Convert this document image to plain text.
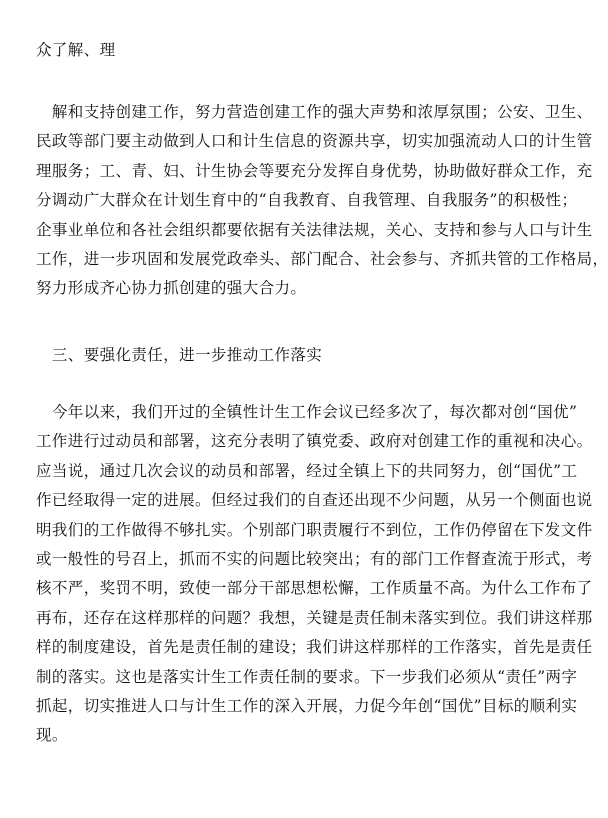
众了解、理
　解和支持创建工作，努力营造创建工作的强大声势和浓厚氛围；公安、卫生、
民政等部门要主动做到人口和计生信息的资源共享，切实加强流动人口的计生管
理服务；工、青、妇、计生协会等要充分发挥自身优势，协助做好群众工作，充
分调动广大群众在计划生育中的“自我教育、自我管理、自我服务”的积极性；
企事业单位和各社会组织都要依据有关法律法规，关心、支持和参与人口与计生
工作，进一步巩固和发展党政牵头、部门配合、社会参与、齐抓共管的工作格局，
努力形成齐心协力抓创建的强大合力。
　三、要强化责任，进一步推动工作落实
　今年以来，我们开过的全镇性计生工作会议已经多次了，每次都对创“国优”
工作进行过动员和部署，这充分表明了镇党委、政府对创建工作的重视和决心。
应当说，通过几次会议的动员和部署，经过全镇上下的共同努力，创“国优”工
作已经取得一定的进展。但经过我们的自查还出现不少问题，从另一个侧面也说
明我们的工作做得不够扎实。个别部门职责履行不到位，工作仍停留在下发文件
或一般性的号召上，抓而不实的问题比较突出；有的部门工作督查流于形式，考
核不严，奖罚不明，致使一部分干部思想松懈，工作质量不高。为什么工作布了
再布，还存在这样那样的问题？我想，关键是责任制未落实到位。我们讲这样那
样的制度建设，首先是责任制的建设；我们讲这样那样的工作落实，首先是责任
制的落实。这也是落实计生工作责任制的要求。下一步我们必须从“责任”两字
抓起，切实推进人口与计生工作的深入开展，力促今年创“国优”目标的顺利实
现。
